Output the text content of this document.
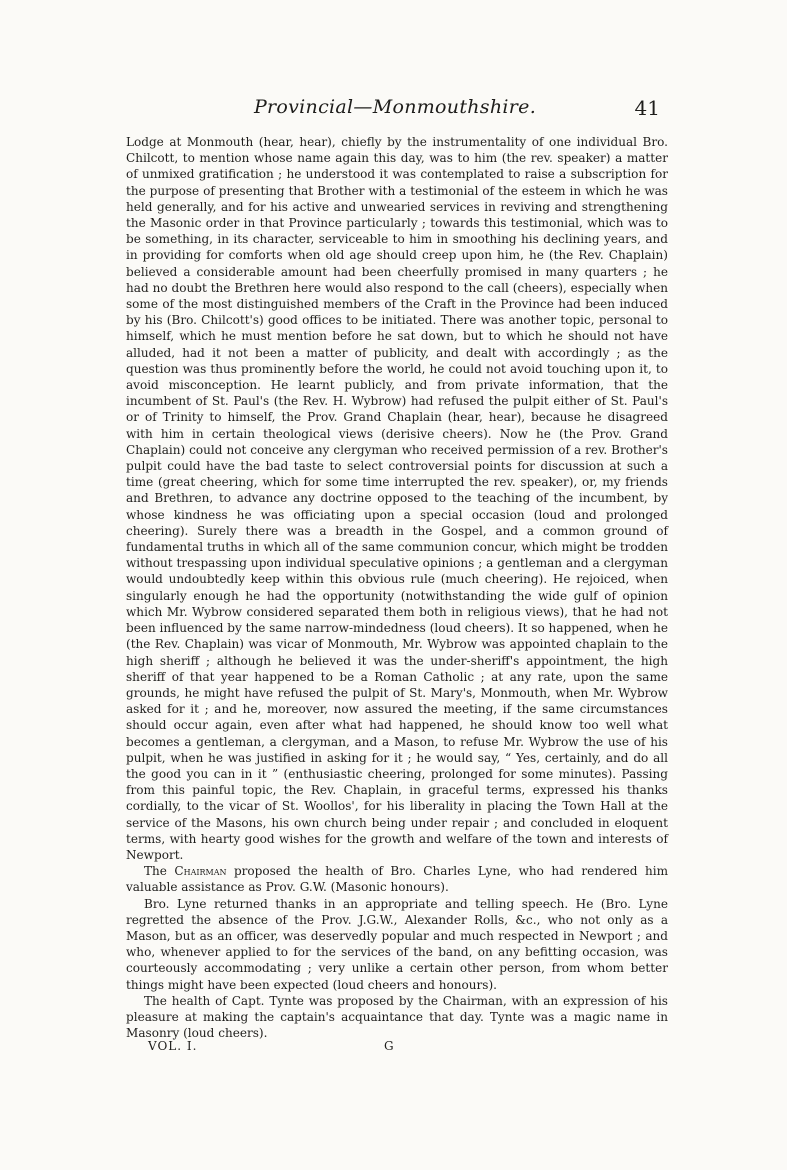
Provincial—Monmouthshire.	41

Lodge at Monmouth (hear, hear), chiefly by the instrumentality of one individual Bro. Chilcott, to mention whose name again this day, was to him (the rev. speaker) a matter of unmixed gratification ; he understood it was contemplated to raise a subscription for the purpose of presenting that Brother with a testimonial of the esteem in which he was held generally, and for his active and unwearied services in reviving and strengthening the Masonic order in that Province particularly ; towards this testimonial, which was to be something, in its character, serviceable to him in smoothing his declining years, and in providing for comforts when old age should creep upon him, he (the Rev. Chaplain) believed a considerable amount had been cheerfully promised in many quarters ; he had no doubt the Brethren here would also respond to the call (cheers), especially when some of the most distinguished members of the Craft in the Province had been induced by his (Bro. Chilcott's) good offices to be initiated. There was another topic, personal to himself, which he must mention before he sat down, but to which he should not have alluded, had it not been a matter of publicity, and dealt with accordingly ; as the question was thus prominently before the world, he could not avoid touching upon it, to avoid misconception. He learnt publicly, and from private information, that the incumbent of St. Paul's (the Rev. H. Wybrow) had refused the pulpit either of St. Paul's or of Trinity to himself, the Prov. Grand Chaplain (hear, hear), because he disagreed with him in certain theological views (derisive cheers). Now he (the Prov. Grand Chaplain) could not conceive any clergyman who received permission of a rev. Brother's pulpit could have the bad taste to select controversial points for discussion at such a time (great cheering, which for some time interrupted the rev. speaker), or, my friends and Brethren, to advance any doctrine opposed to the teaching of the incumbent, by whose kindness he was officiating upon a special occasion (loud and prolonged cheering). Surely there was a breadth in the Gospel, and a common ground of fundamental truths in which all of the same communion concur, which might be trodden without trespassing upon individual speculative opinions ; a gentleman and a clergyman would undoubtedly keep within this obvious rule (much cheering). He rejoiced, when singularly enough he had the opportunity (notwithstanding the wide gulf of opinion which Mr. Wybrow considered separated them both in religious views), that he had not been influenced by the same narrow-mindedness (loud cheers). It so happened, when he (the Rev. Chaplain) was vicar of Monmouth, Mr. Wybrow was appointed chaplain to the high sheriff ; although he believed it was the under-sheriff's appointment, the high sheriff of that year happened to be a Roman Catholic ; at any rate, upon the same grounds, he might have refused the pulpit of St. Mary's, Monmouth, when Mr. Wybrow asked for it ; and he, moreover, now assured the meeting, if the same circumstances should occur again, even after what had happened, he should know too well what becomes a gentleman, a clergyman, and a Mason, to refuse Mr. Wybrow the use of his pulpit, when he was justified in asking for it ; he would say, “ Yes, certainly, and do all the good you can in it ” (enthusiastic cheering, prolonged for some minutes). Passing from this painful topic, the Rev. Chaplain, in graceful terms, expressed his thanks cordially, to the vicar of St. Woollos', for his liberality in placing the Town Hall at the service of the Masons, his own church being under repair ; and concluded in eloquent terms, with hearty good wishes for the growth and welfare of the town and interests of Newport.

The Chairman proposed the health of Bro. Charles Lyne, who had rendered him valuable assistance as Prov. G.W. (Masonic honours).

Bro. Lyne returned thanks in an appropriate and telling speech. He (Bro. Lyne regretted the absence of the Prov. J.G.W., Alexander Rolls, &c., who not only as a Mason, but as an officer, was deservedly popular and much respected in Newport ; and who, whenever applied to for the services of the band, on any befitting occasion, was courteously accommodating ; very unlike a certain other person, from whom better things might have been expected (loud cheers and honours).

The health of Capt. Tynte was proposed by the Chairman, with an expression of his pleasure at making the captain's acquaintance that day. Tynte was a magic name in Masonry (loud cheers).

VOL. I.	G
